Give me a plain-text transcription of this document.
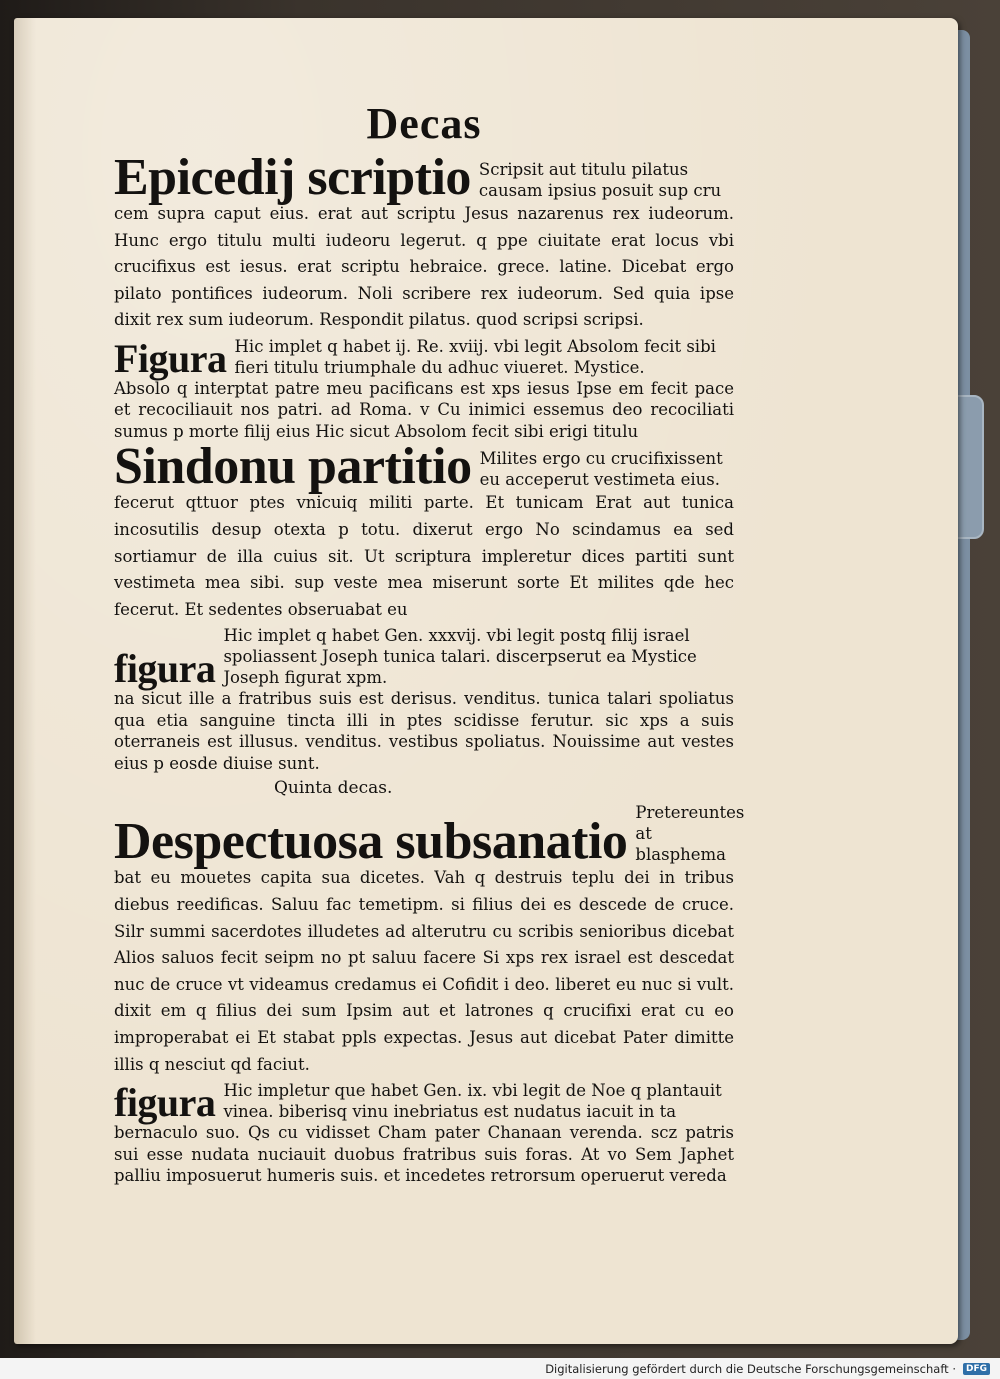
Decas
Epicedij scriptio Scripsit aut titulu pilatus causam ipsius posuit sup cru
cem supra caput eius. erat aut scriptu Jesus nazarenus rex iudeorum. Hunc ergo titulu multi iudeoru legerut. q ppe ciuitate erat locus vbi crucifixus est iesus. erat scriptu hebraice. grece. latine. Dicebat ergo pilato pontifices iudeorum. Noli scribere rex iudeorum. Sed quia ipse dixit rex sum iudeorum. Respondit pilatus. quod scripsi scripsi.
Figura Hic implet q habet ij. Re. xviij. vbi legit Absolom fecit sibi fieri titulu triumphale du adhuc viueret. Mystice.
Absolo q interptat patre meu pacificans est xps iesus Ipse em fecit pace et recociliauit nos patri. ad Roma. v Cu inimici essemus deo recociliati sumus p morte filij eius Hic sicut Absolom fecit sibi erigi titulu
Sindonu partitio Milites ergo cu crucifixissent eu acceperut vestimeta eius.
fecerut qttuor ptes vnicuiq militi parte. Et tunicam Erat aut tunica incosutilis desup otexta p totu. dixerut ergo No scindamus ea sed sortiamur de illa cuius sit. Ut scriptura impleretur dices partiti sunt vestimeta mea sibi. sup veste mea miserunt sorte Et milites qde hec fecerut. Et sedentes obseruabat eu
figura
Hic implet q habet Gen. xxxvij. vbi legit postq filij israel spoliassent Joseph tunica talari. discerpserut ea Mystice Joseph figurat xpm.
na sicut ille a fratribus suis est derisus. venditus. tunica talari spoliatus qua etia sanguine tincta illi in ptes scidisse ferutur. sic xps a suis oterraneis est illusus. venditus. vestibus spoliatus. Nouissime aut vestes eius p eosde diuise sunt.
Quinta decas.
Despectuosa subsanatio
Pretereuntes at blasphema
bat eu mouetes capita sua dicetes. Vah q destruis teplu dei in tribus diebus reedificas. Saluu fac temetipm. si filius dei es descede de cruce. Silr summi sacerdotes illudetes ad alterutru cu scribis senioribus dicebat Alios saluos fecit seipm no pt saluu facere Si xps rex israel est descedat nuc de cruce vt videamus credamus ei Cofidit i deo. liberet eu nuc si vult. dixit em q filius dei sum Ipsim aut et latrones q crucifixi erat cu eo improperabat ei Et stabat ppls expectas. Jesus aut dicebat Pater dimitte illis q nesciut qd faciut.
figura Hic impletur que habet Gen. ix. vbi legit de Noe q plantauit vinea. biberisq vinu inebriatus est nudatus iacuit in ta
bernaculo suo. Qs cu vidisset Cham pater Chanaan verenda. scz patris sui esse nudata nuciauit duobus fratribus suis foras. At vo Sem Japhet palliu imposuerut humeris suis. et incedetes retrorsum operuerut vereda
Digitalisierung gefördert durch die Deutsche Forschungsgemeinschaft ·	DFG
